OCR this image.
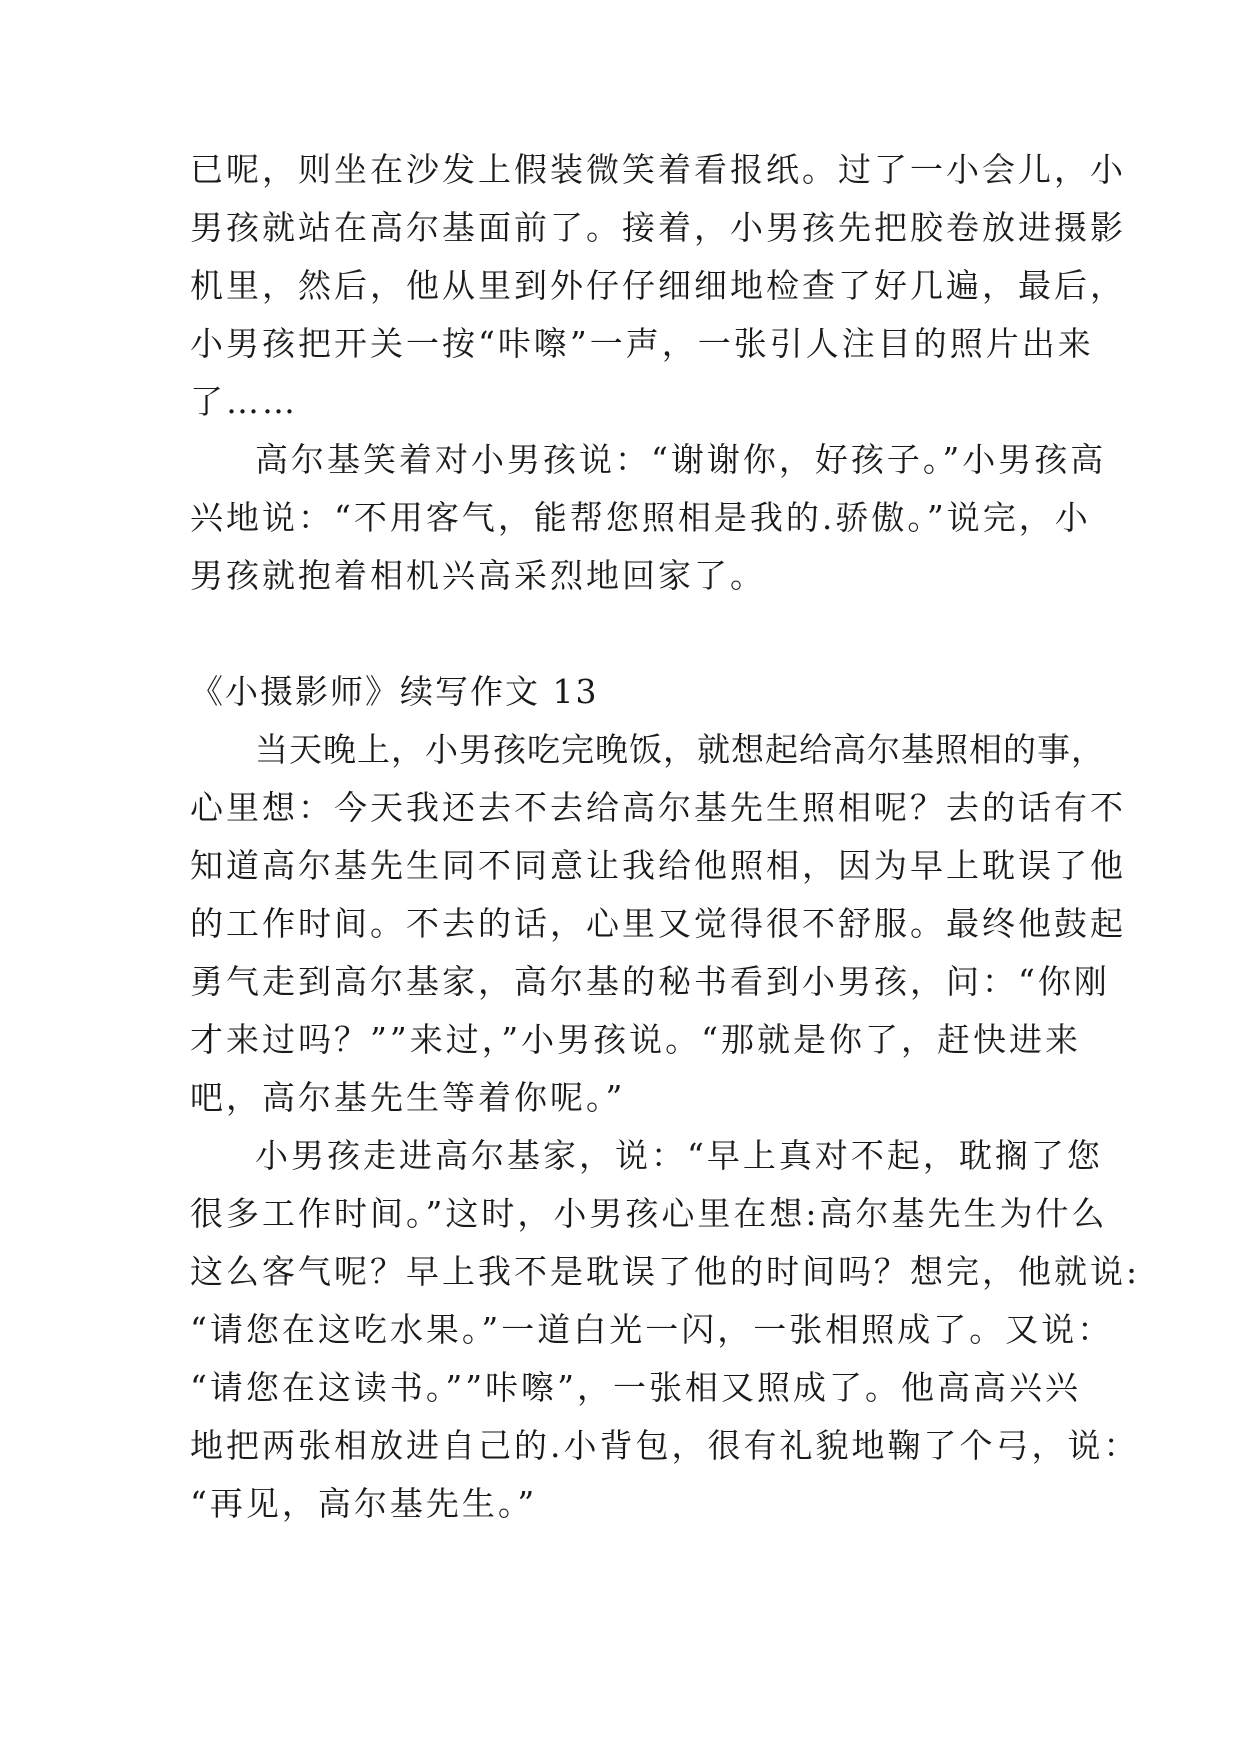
已呢，则坐在沙发上假装微笑着看报纸。过了一小会儿，小
男孩就站在高尔基面前了。接着，小男孩先把胶卷放进摄影
机里，然后，他从里到外仔仔细细地检查了好几遍，最后，
小男孩把开关一按“咔嚓”一声，一张引人注目的照片出来
了……
高尔基笑着对小男孩说：“谢谢你，好孩子。”小男孩高
兴地说：“不用客气，能帮您照相是我的.骄傲。”说完，小
男孩就抱着相机兴高采烈地回家了。
《小摄影师》续写作文 13
当天晚上，小男孩吃完晚饭，就想起给高尔基照相的事，
心里想：今天我还去不去给高尔基先生照相呢？去的话有不
知道高尔基先生同不同意让我给他照相，因为早上耽误了他
的工作时间。不去的话，心里又觉得很不舒服。最终他鼓起
勇气走到高尔基家，高尔基的秘书看到小男孩，问：“你刚
才来过吗？””来过，”小男孩说。“那就是你了，赶快进来
吧，高尔基先生等着你呢。”
小男孩走进高尔基家，说：“早上真对不起，耽搁了您
很多工作时间。”这时，小男孩心里在想:高尔基先生为什么
这么客气呢？早上我不是耽误了他的时间吗？想完，他就说:
“请您在这吃水果。”一道白光一闪，一张相照成了。又说：
“请您在这读书。””咔嚓”，一张相又照成了。他高高兴兴
地把两张相放进自己的.小背包，很有礼貌地鞠了个弓，说：
“再见，高尔基先生。”
